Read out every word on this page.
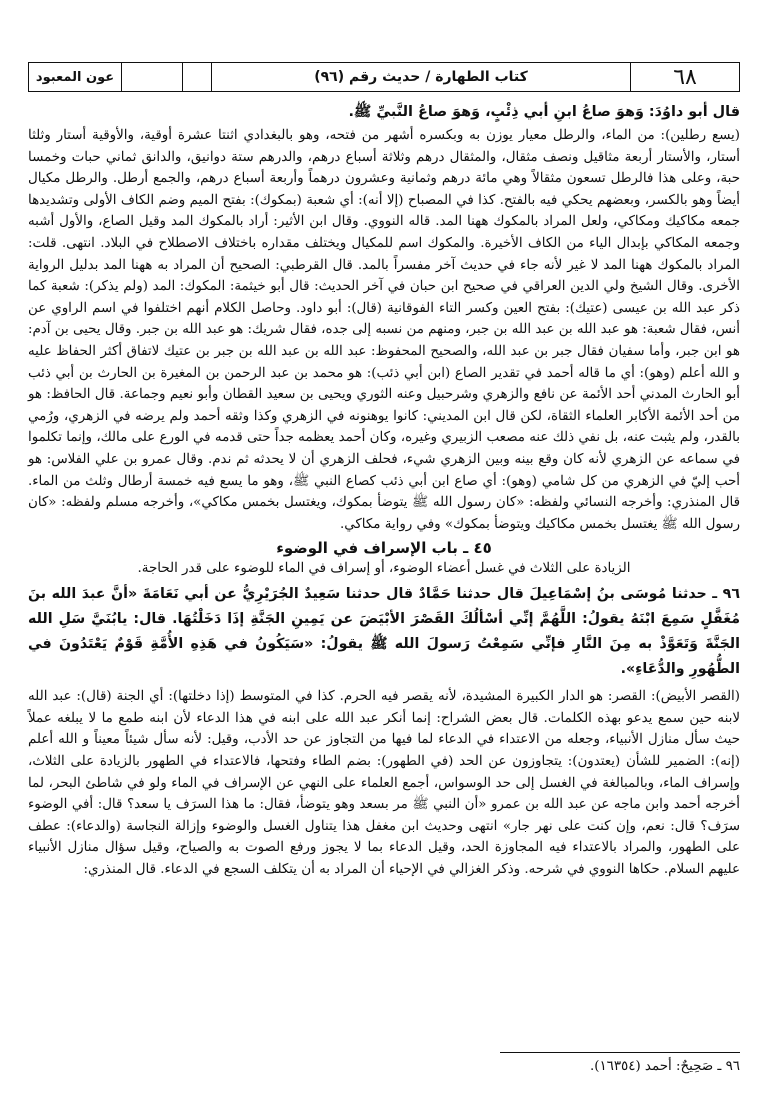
٦٨
كتاب الطهارة / حديث رقم (٩٦)
عون المعبود

قال أبو داوُدَ: وَهوَ صاعُ ابنِ أبي ذِئْبٍ، وَهوَ صاعُ النَّبيِّ ﷺ.

(يسع رطلين): من الماء، والرطل معيار يوزن به وبكسره أشهر من فتحه، وهو بالبغدادي اثنتا عشرة أوقية، والأوقية أستار وثلثا أستار، والأستار أربعة مثاقيل ونصف مثقال، والمثقال درهم وثلاثة أسباع درهم، والدرهم ستة دوانيق، والدانق ثماني حبات وخمسا حبة، وعلى هذا فالرطل تسعون مثقالاً وهي مائة درهم وثمانية وعشرون درهماً وأربعة أسباع درهم، والجمع أرطل. والرطل مكيال أيضاً وهو بالكسر، وبعضهم يحكي فيه بالفتح. كذا في المصباح (إلا أنه): أي شعبة (بمكوك): بفتح الميم وضم الكاف الأولى وتشديدها جمعه مكاكيك ومكاكي، ولعل المراد بالمكوك ههنا المد. قاله النووي. وقال ابن الأثير: أراد بالمكوك المد وقيل الصاع، والأول أشبه وجمعه المكاكي بإبدال الياء من الكاف الأخيرة. والمكوك اسم للمكيال ويختلف مقداره باختلاف الاصطلاح في البلاد. انتهى. قلت: المراد بالمكوك ههنا المد لا غير لأنه جاء في حديث آخر مفسراً بالمد. قال القرطبي: الصحيح أن المراد به ههنا المد بدليل الرواية الأخرى. وقال الشيخ ولي الدين العراقي في صحيح ابن حبان في آخر الحديث: قال أبو خيثمة: المكوك: المد (ولم يذكر): شعبة كما ذكر عبد الله بن عيسى (عتيك): بفتح العين وكسر التاء الفوقانية (قال): أبو داود. وحاصل الكلام أنهم اختلفوا في اسم الراوي عن أنس، فقال شعبة: هو عبد الله بن عبد الله بن جبر، ومنهم من نسبه إلى جده، فقال شريك: هو عبد الله بن جبر. وقال يحيى بن آدم: هو ابن جبر، وأما سفيان فقال جبر بن عبد الله، والصحيح المحفوظ: عبد الله بن عبد الله بن جبر بن عتيك لاتفاق أكثر الحفاظ عليه و الله أعلم (وهو): أي ما قاله أحمد في تقدير الصاع (ابن أبي ذئب): هو محمد بن عبد الرحمن بن المغيرة بن الحارث بن أبي ذئب أبو الحارث المدني أحد الأئمة عن نافع والزهري وشرحبيل وعنه الثوري ويحيى بن سعيد القطان وأبو نعيم وجماعة. قال الحافظ: هو من أحد الأئمة الأكابر العلماء الثقاة، لكن قال ابن المديني: كانوا يوهنونه في الزهري وكذا وثقه أحمد ولم يرضه في الزهري، ورُمي بالقدر، ولم يثبت عنه، بل نفي ذلك عنه مصعب الزبيري وغيره، وكان أحمد يعظمه جداً حتى قدمه في الورع على مالك، وإنما تكلموا في سماعه عن الزهري لأنه كان وقع بينه وبين الزهري شيء، فحلف الزهري أن لا يحدثه ثم ندم. وقال عمرو بن علي الفلاس: هو أحب إليّ في الزهري من كل شامي (وهو): أي صاع ابن أبي ذئب كصاع النبي ﷺ، وهو ما يسع فيه خمسة أرطال وثلث من الماء. قال المنذري: وأخرجه النسائي ولفظه: «كان رسول الله ﷺ يتوضأ بمكوك، ويغتسل بخمس مكاكي»، وأخرجه مسلم ولفظه: «كان رسول الله ﷺ يغتسل بخمس مكاكيك ويتوضأ بمكوك» وفي رواية مكاكي.

٤٥ ـ باب الإسراف في الوضوء
الزيادة على الثلاث في غسل أعضاء الوضوء، أو إسراف في الماء للوضوء على قدر الحاجة.

٩٦ ـ حدثنا مُوسَى بنُ إسْمَاعِيلَ قال حدثنا حَمَّادٌ قال حدثنا سَعِيدٌ الجُرَيْرِيُّ عن أبي نَعَامَةَ «أنَّ عبدَ الله بنَ مُغَفَّلٍ سَمِعَ ابْنَهُ يقولُ: اللَّهُمَّ إنِّي أسْألُكَ القَصْرَ الأبْيَضَ عن يَمِينِ الجَنَّةِ إذَا دَخَلْتُهَا. قال: يابُنَيَّ سَلِ الله الجَنَّةَ وَتَعَوَّذْ به مِنَ النَّارِ فإنِّي سَمِعْتُ رَسولَ الله ﷺ يقولُ: «سَيَكُونُ في هَذِهِ الأُمَّةِ قَوْمٌ يَعْتَدُونَ في الطُّهُورِ والدُّعَاءِ».

(القصر الأبيض): القصر: هو الدار الكبيرة المشيدة، لأنه يقصر فيه الحرم. كذا في المتوسط (إذا دخلتها): أي الجنة (قال): عبد الله لابنه حين سمع يدعو بهذه الكلمات. قال بعض الشراح: إنما أنكر عبد الله على ابنه في هذا الدعاء لأن ابنه طمع ما لا يبلغه عملاً حيث سأل منازل الأنبياء، وجعله من الاعتداء في الدعاء لما فيها من التجاوز عن حد الأدب، وقيل: لأنه سأل شيئاً معيناً و الله أعلم (إنه): الضمير للشأن (يعتدون): يتجاوزون عن الحد (في الطهور): بضم الطاء وفتحها، فالاعتداء في الطهور بالزيادة على الثلاث، وإسراف الماء، وبالمبالغة في الغسل إلى حد الوسواس، أجمع العلماء على النهي عن الإسراف في الماء ولو في شاطئ البحر، لما أخرجه أحمد وابن ماجه عن عبد الله بن عمرو «أن النبي ﷺ مر بسعد وهو يتوضأ، فقال: ما هذا السرَف يا سعد؟ قال: أفي الوضوء سرَف؟ قال: نعم، وإن كنت على نهر جار» انتهى وحديث ابن مغفل هذا يتناول الغسل والوضوء وإزالة النجاسة (والدعاء): عطف على الطهور، والمراد بالاعتداء فيه المجاوزة الحد، وقيل الدعاء بما لا يجوز ورفع الصوت به والصياح، وقيل سؤال منازل الأنبياء عليهم السلام. حكاها النووي في شرحه. وذكر الغزالي في الإحياء أن المراد به أن يتكلف السجع في الدعاء. قال المنذري:

٩٦ ـ صَحِيحٌ: أحمد (١٦٣٥٤).
